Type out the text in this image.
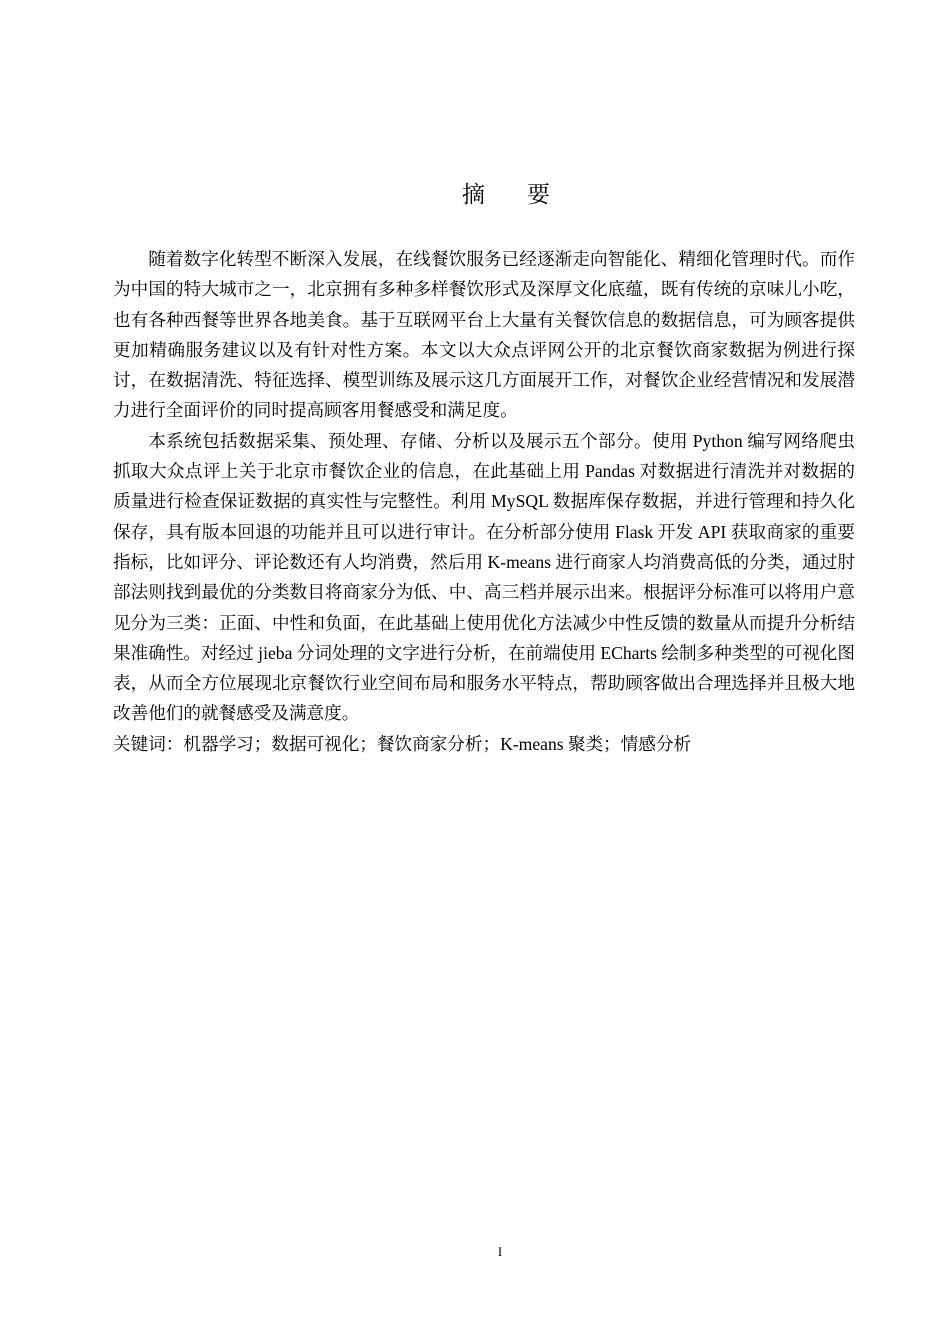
摘 要

随着数字化转型不断深入发展，在线餐饮服务已经逐渐走向智能化、精细化管理时代。而作为中国的特大城市之一，北京拥有多种多样餐饮形式及深厚文化底蕴，既有传统的京味儿小吃，也有各种西餐等世界各地美食。基于互联网平台上大量有关餐饮信息的数据信息，可为顾客提供更加精确服务建议以及有针对性方案。本文以大众点评网公开的北京餐饮商家数据为例进行探讨，在数据清洗、特征选择、模型训练及展示这几方面展开工作，对餐饮企业经营情况和发展潜力进行全面评价的同时提高顾客用餐感受和满足度。

本系统包括数据采集、预处理、存储、分析以及展示五个部分。使用 Python 编写网络爬虫抓取大众点评上关于北京市餐饮企业的信息，在此基础上用 Pandas 对数据进行清洗并对数据的质量进行检查保证数据的真实性与完整性。利用 MySQL 数据库保存数据，并进行管理和持久化保存，具有版本回退的功能并且可以进行审计。在分析部分使用 Flask 开发 API 获取商家的重要指标，比如评分、评论数还有人均消费，然后用 K-means 进行商家人均消费高低的分类，通过肘部法则找到最优的分类数目将商家分为低、中、高三档并展示出来。根据评分标准可以将用户意见分为三类：正面、中性和负面，在此基础上使用优化方法减少中性反馈的数量从而提升分析结果准确性。对经过 jieba 分词处理的文字进行分析，在前端使用 ECharts 绘制多种类型的可视化图表，从而全方位展现北京餐饮行业空间布局和服务水平特点，帮助顾客做出合理选择并且极大地改善他们的就餐感受及满意度。

关键词：机器学习；数据可视化；餐饮商家分析；K-means 聚类；情感分析

I
